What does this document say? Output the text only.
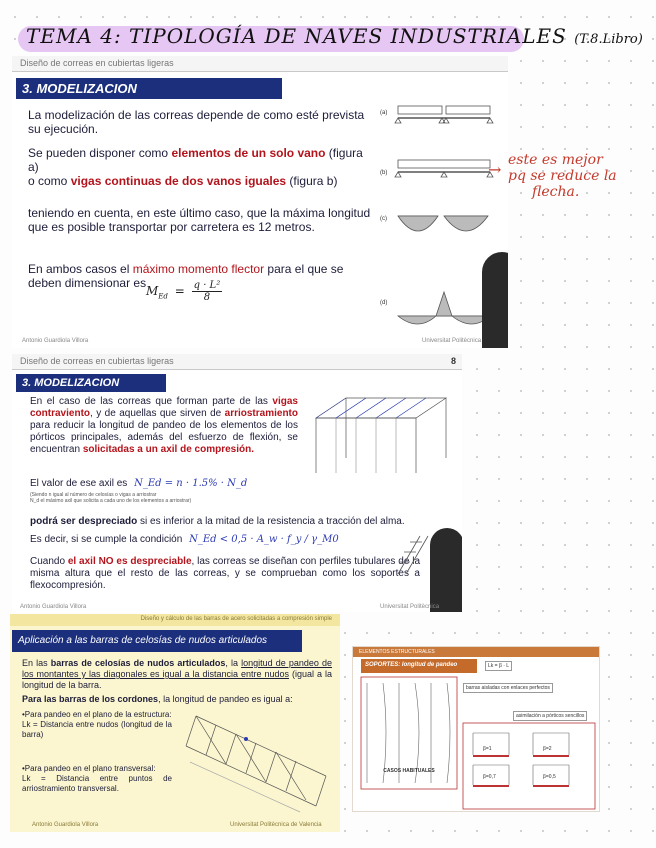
TEMA 4: TIPOLOGÍA DE NAVES INDUSTRIALES (T.8.Libro)
Diseño de correas en cubiertas ligeras
3. MODELIZACION
La modelización de las correas depende de como esté prevista su ejecución.
Se pueden disponer como elementos de un solo vano (figura a)
o como vigas continuas de dos vanos iguales (figura b)
teniendo en cuenta, en este último caso, que la máxima longitud que es posible transportar por carretera es 12 metros.
En ambos casos el máximo momento flector para el que se deben dimensionar es
$M_{Ed} = \frac{\text{q · L²}}{8}$
(a)
(b)
(c)
(d)
Antonio Guardiola Villora	Universitat Politècnica
→ este es mejor
pq se reduce la
flecha.
Diseño de correas en cubiertas ligeras	8
3. MODELIZACION
En el caso de las correas que forman parte de las vigas contraviento, y de aquellas que sirven de arriostramiento para reducir la longitud de pandeo de los elementos de los pórticos principales, además del esfuerzo de flexión, se encuentran solicitadas a un axil de compresión.
El valor de ese axil es N_Ed = n · 1.5% · N_d
(Siendo n igual al número de celosías o vigas a arriostrar
N_d el máximo axil que solicita a cada uno de los elementos a arriostrar)
podrá ser despreciado si es inferior a la mitad de la resistencia a tracción del alma.
Es decir, si se cumple la condición N_Ed < 0,5 · A_w · f_y / γ_M0
Cuando el axil NO es despreciable, las correas se diseñan con perfiles tubulares de la misma altura que el resto de las correas, y se comprueban como los soportes a flexocompresión.
Antonio Guardiola Villora	Universitat Politècnica
Diseño y cálculo de las barras de acero solicitadas a compresión simple
Aplicación a las barras de celosías de nudos articulados
En las barras de celosías de nudos articulados, la longitud de pandeo de los montantes y las diagonales es igual a la distancia entre nudos (igual a la longitud de la barra.
Para las barras de los cordones, la longitud de pandeo es igual a:
•Para pandeo en el plano de la estructura:
Lk = Distancia entre nudos (longitud de la barra)
•Para pandeo en el plano transversal:
Lk = Distancia entre puntos de arriostramiento transversal.
Antonio Guardiola Villora	Universitat Politècnica de Valencia
ELEMENTOS ESTRUCTURALES
SOPORTES: longitud de pandeo	Lk = β · L
barras aisladas con enlaces perfectos
asimilación a pórticos sencillos
β=1	β=2
β=0,7	β=0,5
CASOS HABITUALES
